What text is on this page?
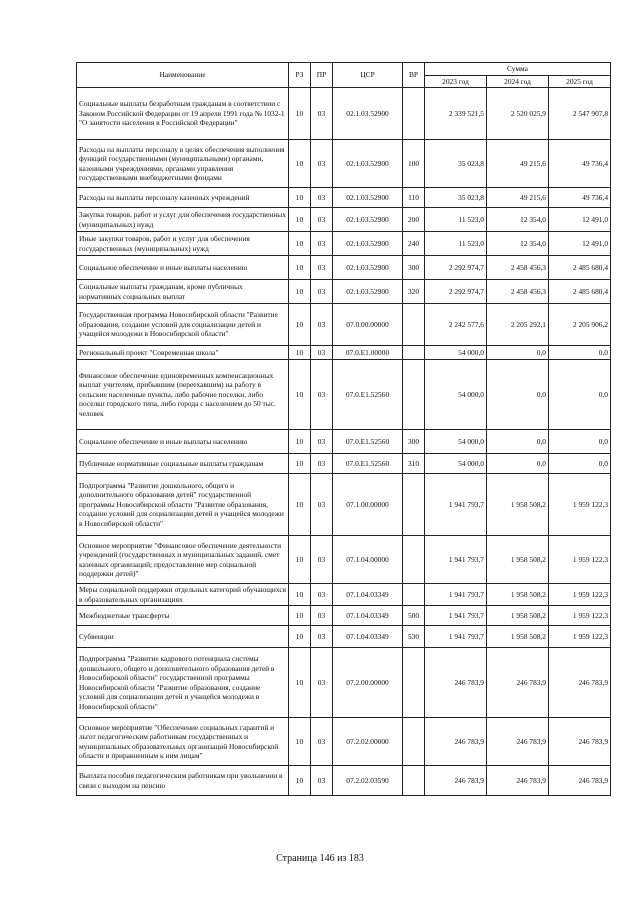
Наименование	РЗ	ПР	ЦСР	ВР	Сумма		
					2023 год	2024 год	2025 год
Социальные выплаты безработным гражданам в соответствии с Законом Российской Федерации от 19 апреля 1991 года № 1032-1 "О занятости населения в Российской Федерации"	10	03	02.1.03.52900		2 339 521,5	2 520 025,9	2 547 907,8
Расходы на выплаты персоналу в целях обеспечения выполнения функций государственными (муниципальными) органами, казенными учреждениями, органами управления государственными внебюджетными фондами	10	03	02.1.03.52900	100	35 023,8	49 215,6	49 736,4
Расходы на выплаты персоналу казенных учреждений	10	03	02.1.03.52900	110	35 023,8	49 215,6	49 736,4
Закупка товаров, работ и услуг для обеспечения государственных (муниципальных) нужд	10	03	02.1.03.52900	200	11 523,0	12 354,0	12 491,0
Иные закупки товаров, работ и услуг для обеспечения государственных (муниципальных) нужд	10	03	02.1.03.52900	240	11 523,0	12 354,0	12 491,0
Социальное обеспечение и иные выплаты населению	10	03	02.1.03.52900	300	2 292 974,7	2 458 456,3	2 485 680,4
Социальные выплаты гражданам, кроме публичных нормативных социальных выплат	10	03	02.1.03.52900	320	2 292 974,7	2 458 456,3	2 485 680,4
Государственная программа Новосибирской области "Развитие образования, создание условий для социализации детей и учащейся молодежи в Новосибирской области"	10	03	07.0.00.00000		2 242 577,6	2 205 292,1	2 205 906,2
Региональный проект "Современная школа"	10	03	07.0.E1.00000		54 000,0	0,0	0,0
Финансовое обеспечение единовременных компенсационных выплат учителям, прибывшим (переехавшим) на работу в сельские населенные пункты, либо рабочие поселки, либо поселки городского типа, либо города с населением до 50 тыс. человек	10	03	07.0.E1.52560		54 000,0	0,0	0,0
Социальное обеспечение и иные выплаты населению	10	03	07.0.E1.52560	300	54 000,0	0,0	0,0
Публичные нормативные социальные выплаты гражданам	10	03	07.0.E1.52560	310	54 000,0	0,0	0,0
Подпрограмма "Развитие дошкольного, общего и дополнительного образования детей" государственной программы Новосибирской области "Развитие образования, создание условий для социализации детей и учащейся молодежи в Новосибирской области"	10	03	07.1.00.00000		1 941 793,7	1 958 508,2	1 959 122,3
Основное мероприятие "Финансовое обеспечение деятельности учреждений (государственных и муниципальных заданий, смет казенных организаций; предоставление мер социальной поддержки детей)"	10	03	07.1.04.00000		1 941 793,7	1 958 508,2	1 959 122,3
Меры социальной поддержки отдельных категорий обучающихся в образовательных организациях	10	03	07.1.04.03349		1 941 793,7	1 958 508,2	1 959 122,3
Межбюджетные трансферты	10	03	07.1.04.03349	500	1 941 793,7	1 958 508,2	1 959 122,3
Субвенции	10	03	07.1.04.03349	530	1 941 793,7	1 958 508,2	1 959 122,3
Подпрограмма "Развитие кадрового потенциала системы дошкольного, общего и дополнительного образования детей в Новосибирской области" государственной программы Новосибирской области "Развитие образования, создание условий для социализации детей и учащейся молодежи в Новосибирской области"	10	03	07.2.00.00000		246 783,9	246 783,9	246 783,9
Основное мероприятие "Обеспечение социальных гарантий и льгот педагогическим работникам государственных и муниципальных образовательных организаций Новосибирской области и приравненным к ним лицам"	10	03	07.2.02.00000		246 783,9	246 783,9	246 783,9
Выплата пособия педагогическим работникам при увольнении в связи с выходом на пенсию	10	03	07.2.02.03590		246 783,9	246 783,9	246 783,9
Страница 146 из 183
